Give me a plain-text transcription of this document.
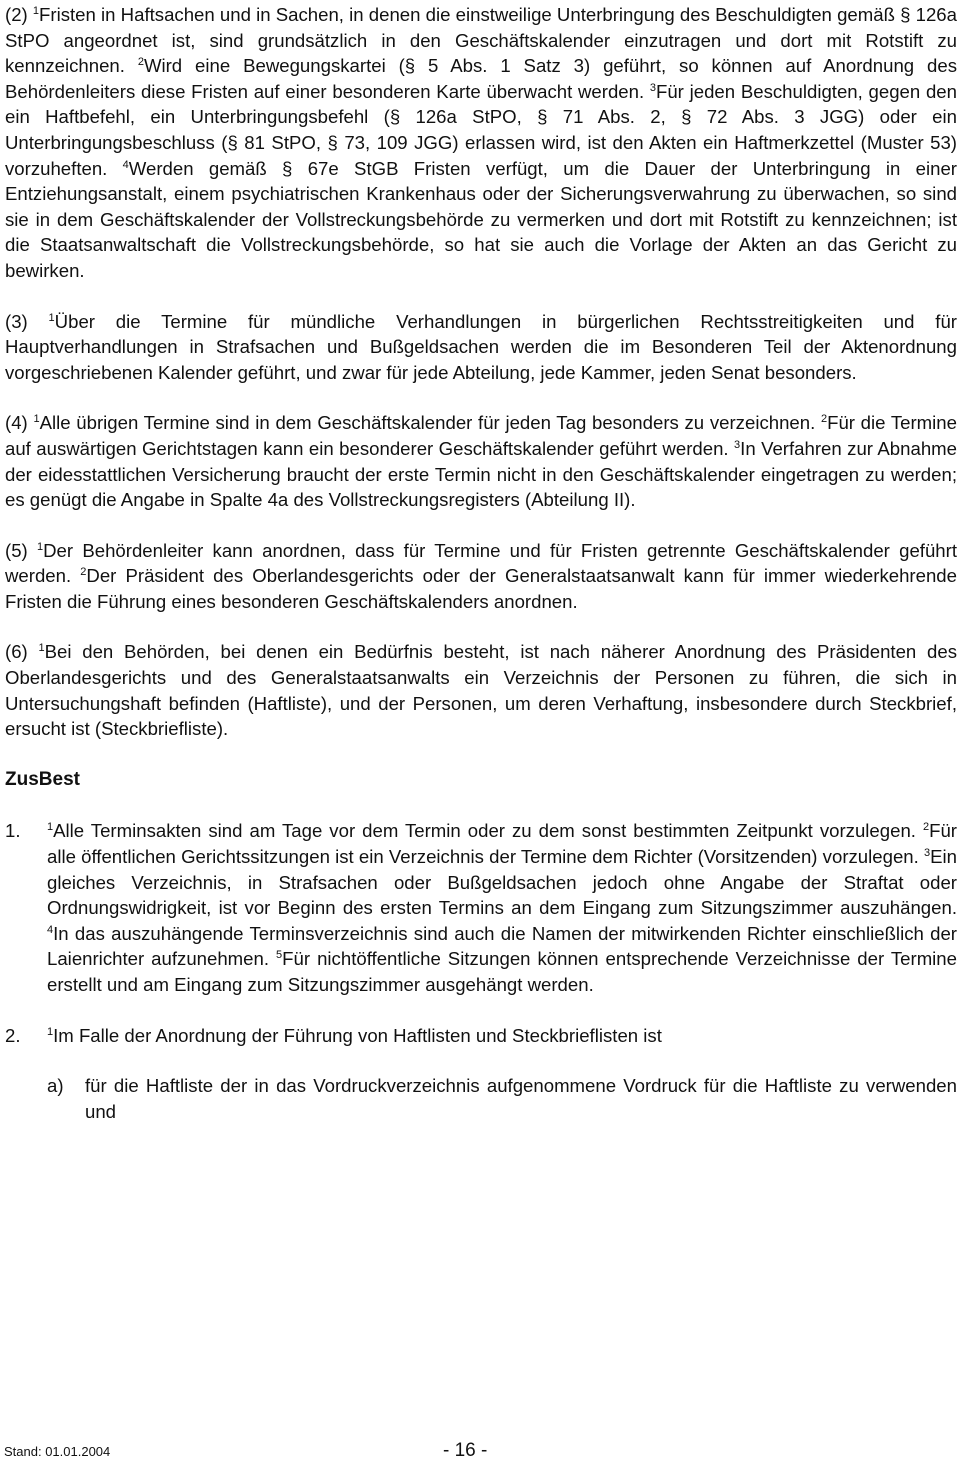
(2) $^1$Fristen in Haftsachen und in Sachen, in denen die einstweilige Unterbringung des Beschuldigten gemäß § 126a StPO angeordnet ist, sind grundsätzlich in den Geschäftskalender einzutragen und dort mit Rotstift zu kennzeichnen. $^2$Wird eine Bewegungskartei (§ 5 Abs. 1 Satz 3) geführt, so können auf Anordnung des Behördenleiters diese Fristen auf einer besonderen Karte überwacht werden. $^3$Für jeden Beschuldigten, gegen den ein Haftbefehl, ein Unterbringungsbefehl (§ 126a StPO, § 71 Abs. 2, § 72 Abs. 3 JGG) oder ein Unterbringungsbeschluss (§ 81 StPO, § 73, 109 JGG) erlassen wird, ist den Akten ein Haftmerkzettel (Muster 53) vorzuheften. $^4$Werden gemäß § 67e StGB Fristen verfügt, um die Dauer der Unterbringung in einer Entziehungsanstalt, einem psychiatrischen Krankenhaus oder der Sicherungsverwahrung zu überwachen, so sind sie in dem Geschäftskalender der Vollstreckungsbehörde zu vermerken und dort mit Rotstift zu kennzeichnen; ist die Staatsanwaltschaft die Vollstreckungsbehörde, so hat sie auch die Vorlage der Akten an das Gericht zu bewirken.

(3) $^1$Über die Termine für mündliche Verhandlungen in bürgerlichen Rechtsstreitigkeiten und für Hauptverhandlungen in Strafsachen und Bußgeldsachen werden die im Besonderen Teil der Aktenordnung vorgeschriebenen Kalender geführt, und zwar für jede Abteilung, jede Kammer, jeden Senat besonders.

(4) $^1$Alle übrigen Termine sind in dem Geschäftskalender für jeden Tag besonders zu verzeichnen. $^2$Für die Termine auf auswärtigen Gerichtstagen kann ein besonderer Geschäftskalender geführt werden. $^3$In Verfahren zur Abnahme der eidesstattlichen Versicherung braucht der erste Termin nicht in den Geschäftskalender eingetragen zu werden; es genügt die Angabe in Spalte 4a des Vollstreckungsregisters (Abteilung II).

(5) $^1$Der Behördenleiter kann anordnen, dass für Termine und für Fristen getrennte Geschäftskalender geführt werden. $^2$Der Präsident des Oberlandesgerichts oder der Generalstaatsanwalt kann für immer wiederkehrende Fristen die Führung eines besonderen Geschäftskalenders anordnen.

(6) $^1$Bei den Behörden, bei denen ein Bedürfnis besteht, ist nach näherer Anordnung des Präsidenten des Oberlandesgerichts und des Generalstaatsanwalts ein Verzeichnis der Personen zu führen, die sich in Untersuchungshaft befinden (Haftliste), und der Personen, um deren Verhaftung, insbesondere durch Steckbrief, ersucht ist (Steckbriefliste).

ZusBest

1. $^1$Alle Terminsakten sind am Tage vor dem Termin oder zu dem sonst bestimmten Zeitpunkt vorzulegen. $^2$Für alle öffentlichen Gerichtssitzungen ist ein Verzeichnis der Termine dem Richter (Vorsitzenden) vorzulegen. $^3$Ein gleiches Verzeichnis, in Strafsachen oder Bußgeldsachen jedoch ohne Angabe der Straftat oder Ordnungswidrigkeit, ist vor Beginn des ersten Termins an dem Eingang zum Sitzungszimmer auszuhängen. $^4$In das auszuhängende Terminsverzeichnis sind auch die Namen der mitwirkenden Richter einschließlich der Laienrichter aufzunehmen. $^5$Für nichtöffentliche Sitzungen können entsprechende Verzeichnisse der Termine erstellt und am Eingang zum Sitzungszimmer ausgehängt werden.

2. $^1$Im Falle der Anordnung der Führung von Haftlisten und Steckbrieflisten ist

a) für die Haftliste der in das Vordruckverzeichnis aufgenommene Vordruck für die Haftliste zu verwenden und

Stand: 01.01.2004	- 16 -
